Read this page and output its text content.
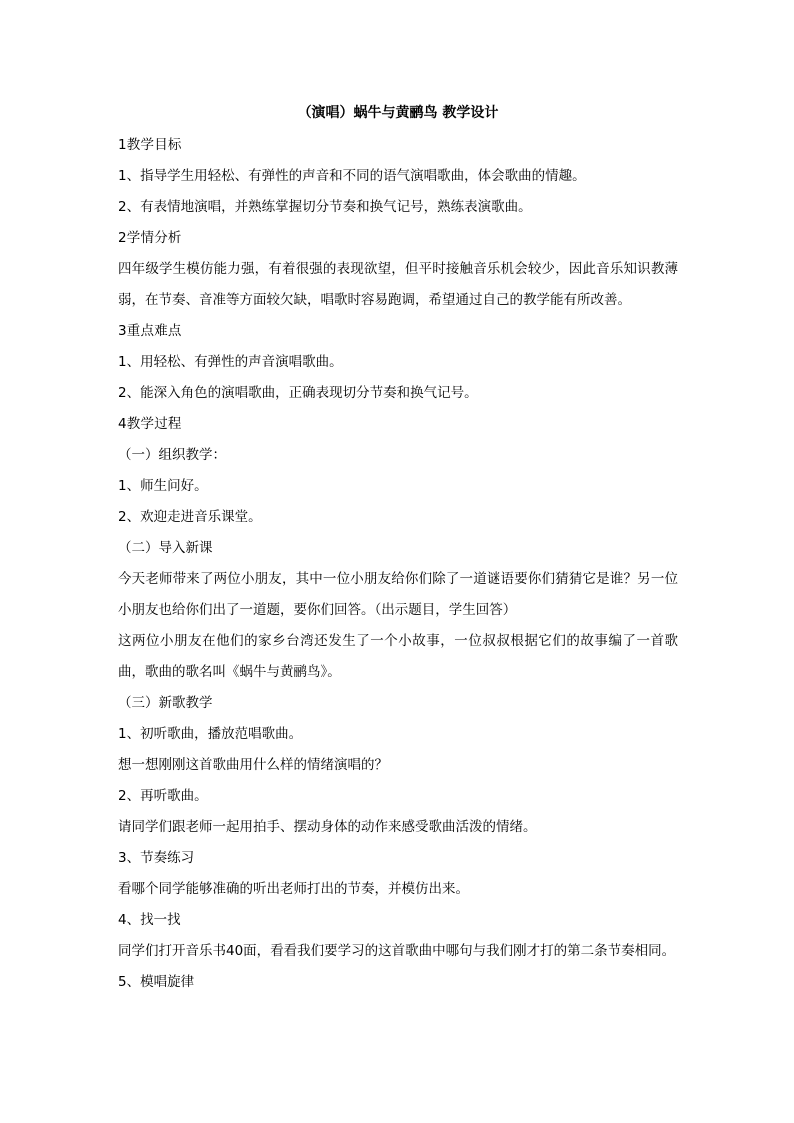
（演唱）蜗牛与黄鹂鸟 教学设计
1教学目标
1、指导学生用轻松、有弹性的声音和不同的语气演唱歌曲，体会歌曲的情趣。
2、有表情地演唱，并熟练掌握切分节奏和换气记号，熟练表演歌曲。
2学情分析
四年级学生模仿能力强，有着很强的表现欲望，但平时接触音乐机会较少，因此音乐知识教薄弱，在节奏、音准等方面较欠缺，唱歌时容易跑调，希望通过自己的教学能有所改善。
3重点难点
1、用轻松、有弹性的声音演唱歌曲。
2、能深入角色的演唱歌曲，正确表现切分节奏和换气记号。
4教学过程
（一）组织教学：
1、师生问好。
2、欢迎走进音乐课堂。
（二）导入新课
今天老师带来了两位小朋友，其中一位小朋友给你们除了一道谜语要你们猜猜它是谁？另一位小朋友也给你们出了一道题，要你们回答。（出示题目，学生回答）
这两位小朋友在他们的家乡台湾还发生了一个小故事，一位叔叔根据它们的故事编了一首歌曲，歌曲的歌名叫《蜗牛与黄鹂鸟》。
（三）新歌教学
1、初听歌曲，播放范唱歌曲。
想一想刚刚这首歌曲用什么样的情绪演唱的？
2、再听歌曲。
请同学们跟老师一起用拍手、摆动身体的动作来感受歌曲活泼的情绪。
3、节奏练习
看哪个同学能够准确的听出老师打出的节奏，并模仿出来。
4、找一找
同学们打开音乐书40面，看看我们要学习的这首歌曲中哪句与我们刚才打的第二条节奏相同。
5、模唱旋律
